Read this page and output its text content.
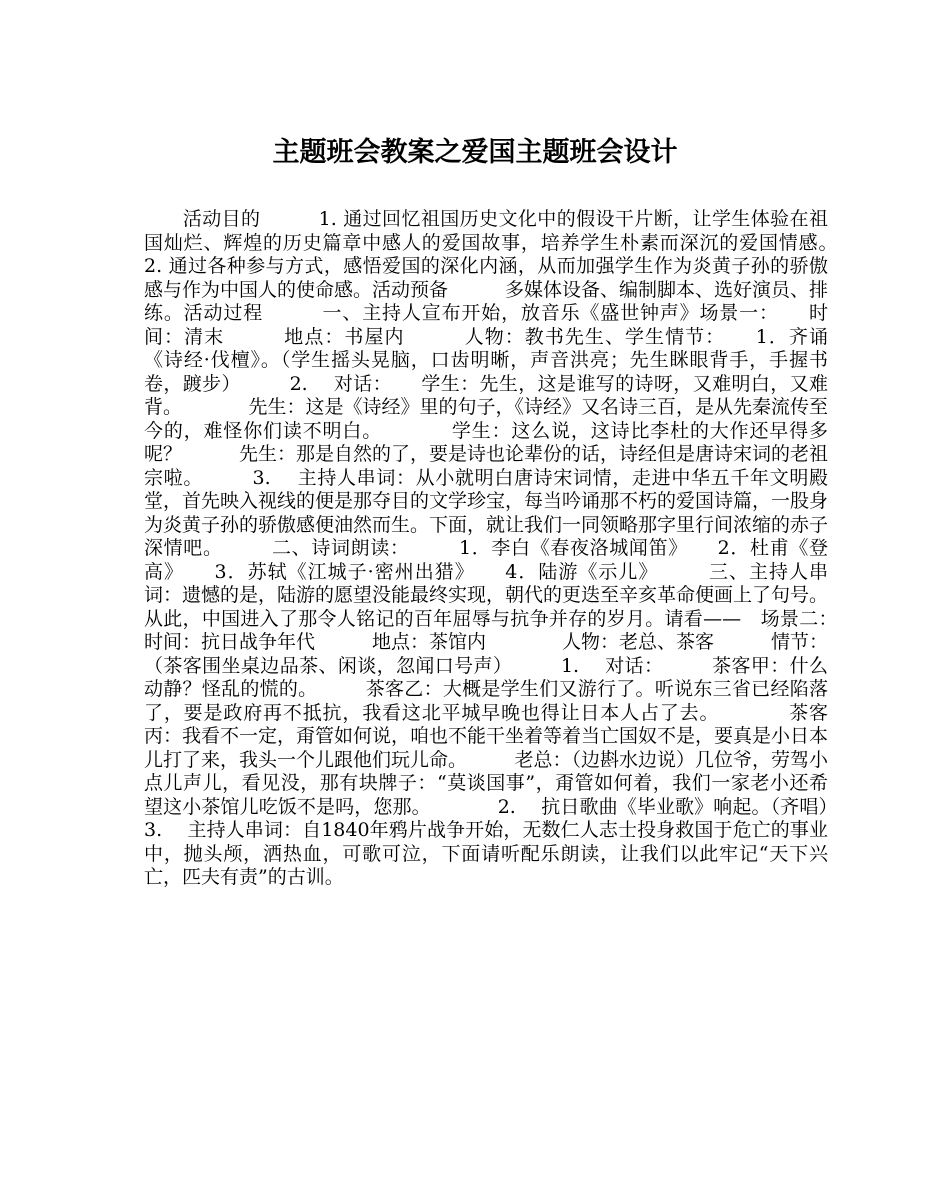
主题班会教案之爱国主题班会设计

　　活动目的　　　1. 通过回忆祖国历史文化中的假设干片断，让学生体验在祖国灿烂、辉煌的历史篇章中感人的爱国故事，培养学生朴素而深沉的爱国情感。　　　　2. 通过各种参与方式，感悟爱国的深化内涵，从而加强学生作为炎黄子孙的骄傲感与作为中国人的使命感。活动预备　　　多媒体设备、编制脚本、选好演员、排练。活动过程　　　一、主持人宣布开始，放音乐《盛世钟声》场景一：　　时间：清末　　　地点：书屋内　　　人物：教书先生、学生情节：　　1．齐诵《诗经·伐檀》。（学生摇头晃脑，口齿明晰，声音洪亮；先生眯眼背手，手握书卷，踱步）　　　2.　 对话：　　学生：先生，这是谁写的诗呀，又难明白，又难背。　　　　先生：这是《诗经》里的句子，《诗经》又名诗三百，是从先秦流传至今的，难怪你们读不明白。　　　　学生：这么说，这诗比李杜的大作还早得多呢？　　　先生：那是自然的了，要是诗也论辈份的话，诗经但是唐诗宋词的老祖宗啦。　　　3.　 主持人串词：从小就明白唐诗宋词情，走进中华五千年文明殿堂，首先映入视线的便是那夺目的文学珍宝，每当吟诵那不朽的爱国诗篇，一股身为炎黄子孙的骄傲感便油然而生。下面，就让我们一同领略那字里行间浓缩的赤子深情吧。　　　二、诗词朗读：　　　1．李白《春夜洛城闻笛》　　2．杜甫《登高》　　3．苏轼《江城子·密州出猎》　　4．陆游《示儿》　　　三、主持人串词：遗憾的是，陆游的愿望没能最终实现，朝代的更迭至辛亥革命便画上了句号。从此，中国进入了那令人铭记的百年屈辱与抗争并存的岁月。请看——　场景二：　　　时间：抗日战争年代　　　地点：茶馆内　　　　人物：老总、茶客　　　情节：（茶客围坐桌边品茶、闲谈，忽闻口号声）　　　1.　 对话：　　　茶客甲：什么动静？怪乱的慌的。　　　茶客乙：大概是学生们又游行了。听说东三省已经陷落了，要是政府再不抵抗，我看这北平城早晚也得让日本人占了去。　　　　茶客丙：我看不一定，甭管如何说，咱也不能干坐着等着当亡国奴不是，要真是小日本儿打了来，我头一个儿跟他们玩儿命。　　　老总：（边斟水边说）几位爷，劳驾小点儿声儿，看见没，那有块牌子：“莫谈国事”，甭管如何着，我们一家老小还希望这小茶馆儿吃饭不是吗，您那。　　　　2.　 抗日歌曲《毕业歌》响起。（齐唱）　　　　3.　 主持人串词：自1840年鸦片战争开始，无数仁人志士投身救国于危亡的事业中，抛头颅，洒热血，可歌可泣，下面请听配乐朗读，让我们以此牢记“天下兴亡，匹夫有责”的古训。
